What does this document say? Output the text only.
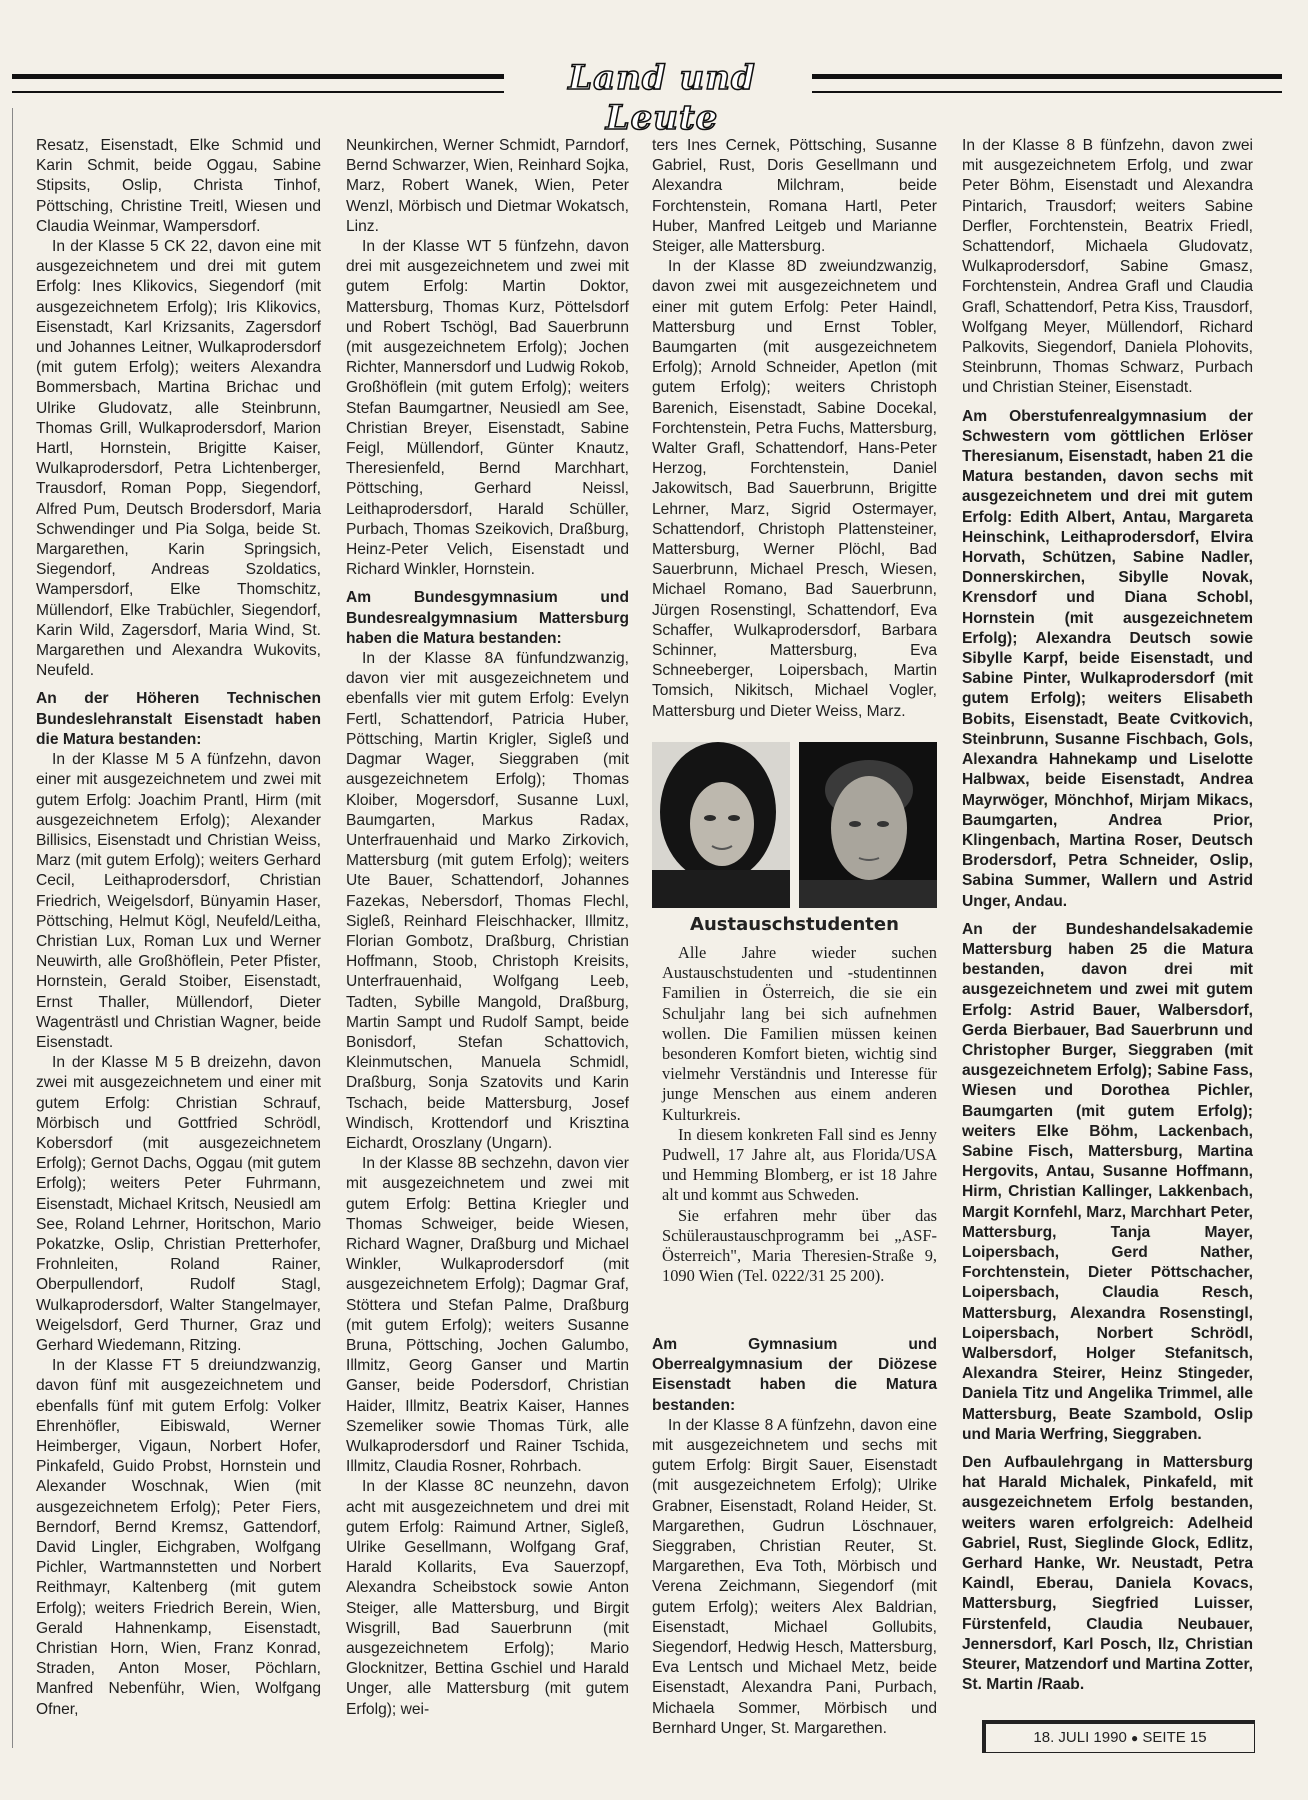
Land und Leute

Resatz, Eisenstadt, Elke Schmid und Karin Schmit, beide Oggau, Sabine Stipsits, Oslip, Christa Tinhof, Pöttsching, Christine Treitl, Wiesen und Claudia Weinmar, Wampersdorf.

In der Klasse 5 CK 22, davon eine mit ausgezeichnetem und drei mit gutem Erfolg: Ines Klikovics, Siegendorf (mit ausgezeichnetem Erfolg); Iris Klikovics, Eisenstadt, Karl Krizsanits, Zagersdorf und Johannes Leitner, Wulkaprodersdorf (mit gutem Erfolg); weiters Alexandra Bommersbach, Martina Brichac und Ulrike Gludovatz, alle Steinbrunn, Thomas Grill, Wulkaprodersdorf, Marion Hartl, Hornstein, Brigitte Kaiser, Wulkaprodersdorf, Petra Lichtenberger, Trausdorf, Roman Popp, Siegendorf, Alfred Pum, Deutsch Brodersdorf, Maria Schwendinger und Pia Solga, beide St. Margarethen, Karin Springsich, Siegendorf, Andreas Szoldatics, Wampersdorf, Elke Thomschitz, Müllendorf, Elke Trabüchler, Siegendorf, Karin Wild, Zagersdorf, Maria Wind, St. Margarethen und Alexandra Wukovits, Neufeld.

An der Höheren Technischen Bundeslehranstalt Eisenstadt haben die Matura bestanden:

In der Klasse M 5 A fünfzehn, davon einer mit ausgezeichnetem und zwei mit gutem Erfolg: Joachim Prantl, Hirm (mit ausgezeichnetem Erfolg); Alexander Billisics, Eisenstadt und Christian Weiss, Marz (mit gutem Erfolg); weiters Gerhard Cecil, Leithaprodersdorf, Christian Friedrich, Weigelsdorf, Bünyamin Haser, Pöttsching, Helmut Kögl, Neufeld/Leitha, Christian Lux, Roman Lux und Werner Neuwirth, alle Großhöflein, Peter Pfister, Hornstein, Gerald Stoiber, Eisenstadt, Ernst Thaller, Müllendorf, Dieter Wagenträstl und Christian Wagner, beide Eisenstadt.

In der Klasse M 5 B dreizehn, davon zwei mit ausgezeichnetem und einer mit gutem Erfolg: Christian Schrauf, Mörbisch und Gottfried Schrödl, Kobersdorf (mit ausgezeichnetem Erfolg); Gernot Dachs, Oggau (mit gutem Erfolg); weiters Peter Fuhrmann, Eisenstadt, Michael Kritsch, Neusiedl am See, Roland Lehrner, Horitschon, Mario Pokatzke, Oslip, Christian Pretterhofer, Frohnleiten, Roland Rainer, Oberpullendorf, Rudolf Stagl, Wulkaprodersdorf, Walter Stangelmayer, Weigelsdorf, Gerd Thurner, Graz und Gerhard Wiedemann, Ritzing.

In der Klasse FT 5 dreiundzwanzig, davon fünf mit ausgezeichnetem und ebenfalls fünf mit gutem Erfolg: Volker Ehrenhöfler, Eibiswald, Werner Heimberger, Vigaun, Norbert Hofer, Pinkafeld, Guido Probst, Hornstein und Alexander Woschnak, Wien (mit ausgezeichnetem Erfolg); Peter Fiers, Berndorf, Bernd Kremsz, Gattendorf, David Lingler, Eichgraben, Wolfgang Pichler, Wartmannstetten und Norbert Reithmayr, Kaltenberg (mit gutem Erfolg); weiters Friedrich Berein, Wien, Gerald Hahnenkamp, Eisenstadt, Christian Horn, Wien, Franz Konrad, Straden, Anton Moser, Pöchlarn, Manfred Nebenführ, Wien, Wolfgang Ofner,

Neunkirchen, Werner Schmidt, Parndorf, Bernd Schwarzer, Wien, Reinhard Sojka, Marz, Robert Wanek, Wien, Peter Wenzl, Mörbisch und Dietmar Wokatsch, Linz.

In der Klasse WT 5 fünfzehn, davon drei mit ausgezeichnetem und zwei mit gutem Erfolg: Martin Doktor, Mattersburg, Thomas Kurz, Pöttelsdorf und Robert Tschögl, Bad Sauerbrunn (mit ausgezeichnetem Erfolg); Jochen Richter, Mannersdorf und Ludwig Rokob, Großhöflein (mit gutem Erfolg); weiters Stefan Baumgartner, Neusiedl am See, Christian Breyer, Eisenstadt, Sabine Feigl, Müllendorf, Günter Knautz, Theresienfeld, Bernd Marchhart, Pöttsching, Gerhard Neissl, Leithaprodersdorf, Harald Schüller, Purbach, Thomas Szeikovich, Draßburg, Heinz-Peter Velich, Eisenstadt und Richard Winkler, Hornstein.

Am Bundesgymnasium und Bundesrealgymnasium Mattersburg haben die Matura bestanden:

In der Klasse 8A fünfundzwanzig, davon vier mit ausgezeichnetem und ebenfalls vier mit gutem Erfolg: Evelyn Fertl, Schattendorf, Patricia Huber, Pöttsching, Martin Krigler, Sigleß und Dagmar Wager, Sieggraben (mit ausgezeichnetem Erfolg); Thomas Kloiber, Mogersdorf, Susanne Luxl, Baumgarten, Markus Radax, Unterfrauenhaid und Marko Zirkovich, Mattersburg (mit gutem Erfolg); weiters Ute Bauer, Schattendorf, Johannes Fazekas, Nebersdorf, Thomas Flechl, Sigleß, Reinhard Fleischhacker, Illmitz, Florian Gombotz, Draßburg, Christian Hoffmann, Stoob, Christoph Kreisits, Unterfrauenhaid, Wolfgang Leeb, Tadten, Sybille Mangold, Draßburg, Martin Sampt und Rudolf Sampt, beide Bonisdorf, Stefan Schattovich, Kleinmutschen, Manuela Schmidl, Draßburg, Sonja Szatovits und Karin Tschach, beide Mattersburg, Josef Windisch, Krottendorf und Krisztina Eichardt, Oroszlany (Ungarn).

In der Klasse 8B sechzehn, davon vier mit ausgezeichnetem und zwei mit gutem Erfolg: Bettina Kriegler und Thomas Schweiger, beide Wiesen, Richard Wagner, Draßburg und Michael Winkler, Wulkaprodersdorf (mit ausgezeichnetem Erfolg); Dagmar Graf, Stöttera und Stefan Palme, Draßburg (mit gutem Erfolg); weiters Susanne Bruna, Pöttsching, Jochen Galumbo, Illmitz, Georg Ganser und Martin Ganser, beide Podersdorf, Christian Haider, Illmitz, Beatrix Kaiser, Hannes Szemeliker sowie Thomas Türk, alle Wulkaprodersdorf und Rainer Tschida, Illmitz, Claudia Rosner, Rohrbach.

In der Klasse 8C neunzehn, davon acht mit ausgezeichnetem und drei mit gutem Erfolg: Raimund Artner, Sigleß, Ulrike Gesellmann, Wolfgang Graf, Harald Kollarits, Eva Sauerzopf, Alexandra Scheibstock sowie Anton Steiger, alle Mattersburg, und Birgit Wisgrill, Bad Sauerbrunn (mit ausgezeichnetem Erfolg); Mario Glocknitzer, Bettina Gschiel und Harald Unger, alle Mattersburg (mit gutem Erfolg); wei-

ters Ines Cernek, Pöttsching, Susanne Gabriel, Rust, Doris Gesellmann und Alexandra Milchram, beide Forchtenstein, Romana Hartl, Peter Huber, Manfred Leitgeb und Marianne Steiger, alle Mattersburg.

In der Klasse 8D zweiundzwanzig, davon zwei mit ausgezeichnetem und einer mit gutem Erfolg: Peter Haindl, Mattersburg und Ernst Tobler, Baumgarten (mit ausgezeichnetem Erfolg); Arnold Schneider, Apetlon (mit gutem Erfolg); weiters Christoph Barenich, Eisenstadt, Sabine Docekal, Forchtenstein, Petra Fuchs, Mattersburg, Walter Grafl, Schattendorf, Hans-Peter Herzog, Forchtenstein, Daniel Jakowitsch, Bad Sauerbrunn, Brigitte Lehrner, Marz, Sigrid Ostermayer, Schattendorf, Christoph Plattensteiner, Mattersburg, Werner Plöchl, Bad Sauerbrunn, Michael Presch, Wiesen, Michael Romano, Bad Sauerbrunn, Jürgen Rosenstingl, Schattendorf, Eva Schaffer, Wulkaprodersdorf, Barbara Schinner, Mattersburg, Eva Schneeberger, Loipersbach, Martin Tomsich, Nikitsch, Michael Vogler, Mattersburg und Dieter Weiss, Marz.

Austauschstudenten

Alle Jahre wieder suchen Austauschstudenten und -studentinnen Familien in Österreich, die sie ein Schuljahr lang bei sich aufnehmen wollen. Die Familien müssen keinen besonderen Komfort bieten, wichtig sind vielmehr Verständnis und Interesse für junge Menschen aus einem anderen Kulturkreis.

In diesem konkreten Fall sind es Jenny Pudwell, 17 Jahre alt, aus Florida/USA und Hemming Blomberg, er ist 18 Jahre alt und kommt aus Schweden.

Sie erfahren mehr über das Schüleraustauschprogramm bei „ASF-Österreich", Maria Theresien-Straße 9, 1090 Wien (Tel. 0222/31 25 200).

Am Gymnasium und Oberrealgymnasium der Diözese Eisenstadt haben die Matura bestanden:

In der Klasse 8 A fünfzehn, davon eine mit ausgezeichnetem und sechs mit gutem Erfolg: Birgit Sauer, Eisenstadt (mit ausgezeichnetem Erfolg); Ulrike Grabner, Eisenstadt, Roland Heider, St. Margarethen, Gudrun Löschnauer, Sieggraben, Christian Reuter, St. Margarethen, Eva Toth, Mörbisch und Verena Zeichmann, Siegendorf (mit gutem Erfolg); weiters Alex Baldrian, Eisenstadt, Michael Gollubits, Siegendorf, Hedwig Hesch, Mattersburg, Eva Lentsch und Michael Metz, beide Eisenstadt, Alexandra Pani, Purbach, Michaela Sommer, Mörbisch und Bernhard Unger, St. Margarethen.

In der Klasse 8 B fünfzehn, davon zwei mit ausgezeichnetem Erfolg, und zwar Peter Böhm, Eisenstadt und Alexandra Pintarich, Trausdorf; weiters Sabine Derfler, Forchtenstein, Beatrix Friedl, Schattendorf, Michaela Gludovatz, Wulkaprodersdorf, Sabine Gmasz, Forchtenstein, Andrea Grafl und Claudia Grafl, Schattendorf, Petra Kiss, Trausdorf, Wolfgang Meyer, Müllendorf, Richard Palkovits, Siegendorf, Daniela Plohovits, Steinbrunn, Thomas Schwarz, Purbach und Christian Steiner, Eisenstadt.

Am Oberstufenrealgymnasium der Schwestern vom göttlichen Erlöser Theresianum, Eisenstadt, haben 21 die Matura bestanden, davon sechs mit ausgezeichnetem und drei mit gutem Erfolg: Edith Albert, Antau, Margareta Heinschink, Leithaprodersdorf, Elvira Horvath, Schützen, Sabine Nadler, Donnerskirchen, Sibylle Novak, Krensdorf und Diana Schobl, Hornstein (mit ausgezeichnetem Erfolg); Alexandra Deutsch sowie Sibylle Karpf, beide Eisenstadt, und Sabine Pinter, Wulkaprodersdorf (mit gutem Erfolg); weiters Elisabeth Bobits, Eisenstadt, Beate Cvitkovich, Steinbrunn, Susanne Fischbach, Gols, Alexandra Hahnekamp und Liselotte Halbwax, beide Eisenstadt, Andrea Mayrwöger, Mönchhof, Mirjam Mikacs, Baumgarten, Andrea Prior, Klingenbach, Martina Roser, Deutsch Brodersdorf, Petra Schneider, Oslip, Sabina Summer, Wallern und Astrid Unger, Andau.

An der Bundeshandelsakademie Mattersburg haben 25 die Matura bestanden, davon drei mit ausgezeichnetem und zwei mit gutem Erfolg: Astrid Bauer, Walbersdorf, Gerda Bierbauer, Bad Sauerbrunn und Christopher Burger, Sieggraben (mit ausgezeichnetem Erfolg); Sabine Fass, Wiesen und Dorothea Pichler, Baumgarten (mit gutem Erfolg); weiters Elke Böhm, Lackenbach, Sabine Fisch, Mattersburg, Martina Hergovits, Antau, Susanne Hoffmann, Hirm, Christian Kallinger, Lakkenbach, Margit Kornfehl, Marz, Marchhart Peter, Mattersburg, Tanja Mayer, Loipersbach, Gerd Nather, Forchtenstein, Dieter Pöttschacher, Loipersbach, Claudia Resch, Mattersburg, Alexandra Rosenstingl, Loipersbach, Norbert Schrödl, Walbersdorf, Holger Stefanitsch, Alexandra Steirer, Heinz Stingeder, Daniela Titz und Angelika Trimmel, alle Mattersburg, Beate Szambold, Oslip und Maria Werfring, Sieggraben.

Den Aufbaulehrgang in Mattersburg hat Harald Michalek, Pinkafeld, mit ausgezeichnetem Erfolg bestanden, weiters waren erfolgreich: Adelheid Gabriel, Rust, Sieglinde Glock, Edlitz, Gerhard Hanke, Wr. Neustadt, Petra Kaindl, Eberau, Daniela Kovacs, Mattersburg, Siegfried Luisser, Fürstenfeld, Claudia Neubauer, Jennersdorf, Karl Posch, Ilz, Christian Steurer, Matzendorf und Martina Zotter, St. Martin /Raab.

18. JULI 1990 ● SEITE 15
